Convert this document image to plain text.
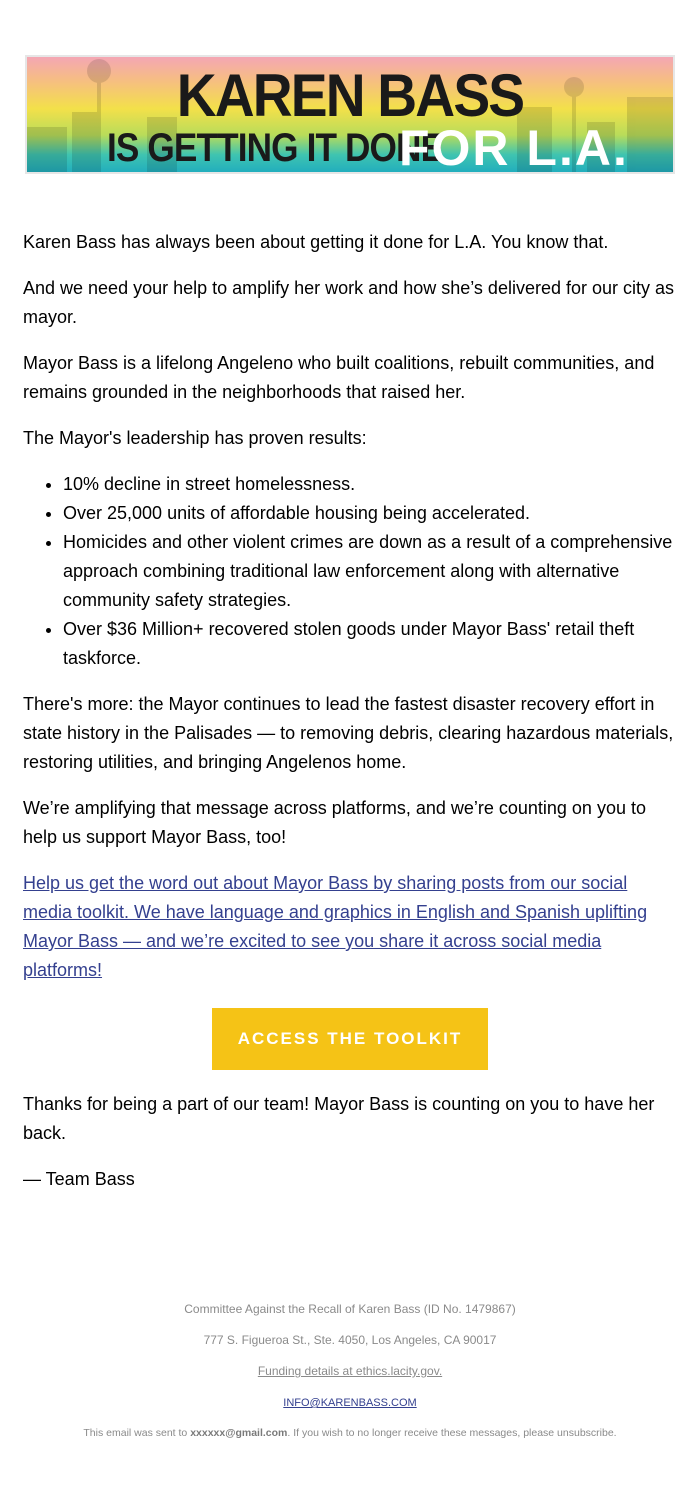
KAREN BASS
IS GETTING IT DONE
FOR L.A.

Karen Bass has always been about getting it done for L.A. You know that.

And we need your help to amplify her work and how she’s delivered for our city as mayor.

Mayor Bass is a lifelong Angeleno who built coalitions, rebuilt communities, and remains grounded in the neighborhoods that raised her.

The Mayor's leadership has proven results:

• 10% decline in street homelessness.
• Over 25,000 units of affordable housing being accelerated.
• Homicides and other violent crimes are down as a result of a comprehensive approach combining traditional law enforcement along with alternative community safety strategies.
• Over $36 Million+ recovered stolen goods under Mayor Bass' retail theft taskforce.

There's more: the Mayor continues to lead the fastest disaster recovery effort in state history in the Palisades — to removing debris, clearing hazardous materials, restoring utilities, and bringing Angelenos home.

We’re amplifying that message across platforms, and we’re counting on you to help us support Mayor Bass, too!

Help us get the word out about Mayor Bass by sharing posts from our social media toolkit. We have language and graphics in English and Spanish uplifting Mayor Bass — and we’re excited to see you share it across social media platforms!

ACCESS THE TOOLKIT

Thanks for being a part of our team! Mayor Bass is counting on you to have her back.

— Team Bass

Committee Against the Recall of Karen Bass (ID No. 1479867)
777 S. Figueroa St., Ste. 4050, Los Angeles, CA 90017
Funding details at ethics.lacity.gov.
INFO@KARENBASS.COM
This email was sent to xxxxxx@gmail.com. If you wish to no longer receive these messages, please unsubscribe.
